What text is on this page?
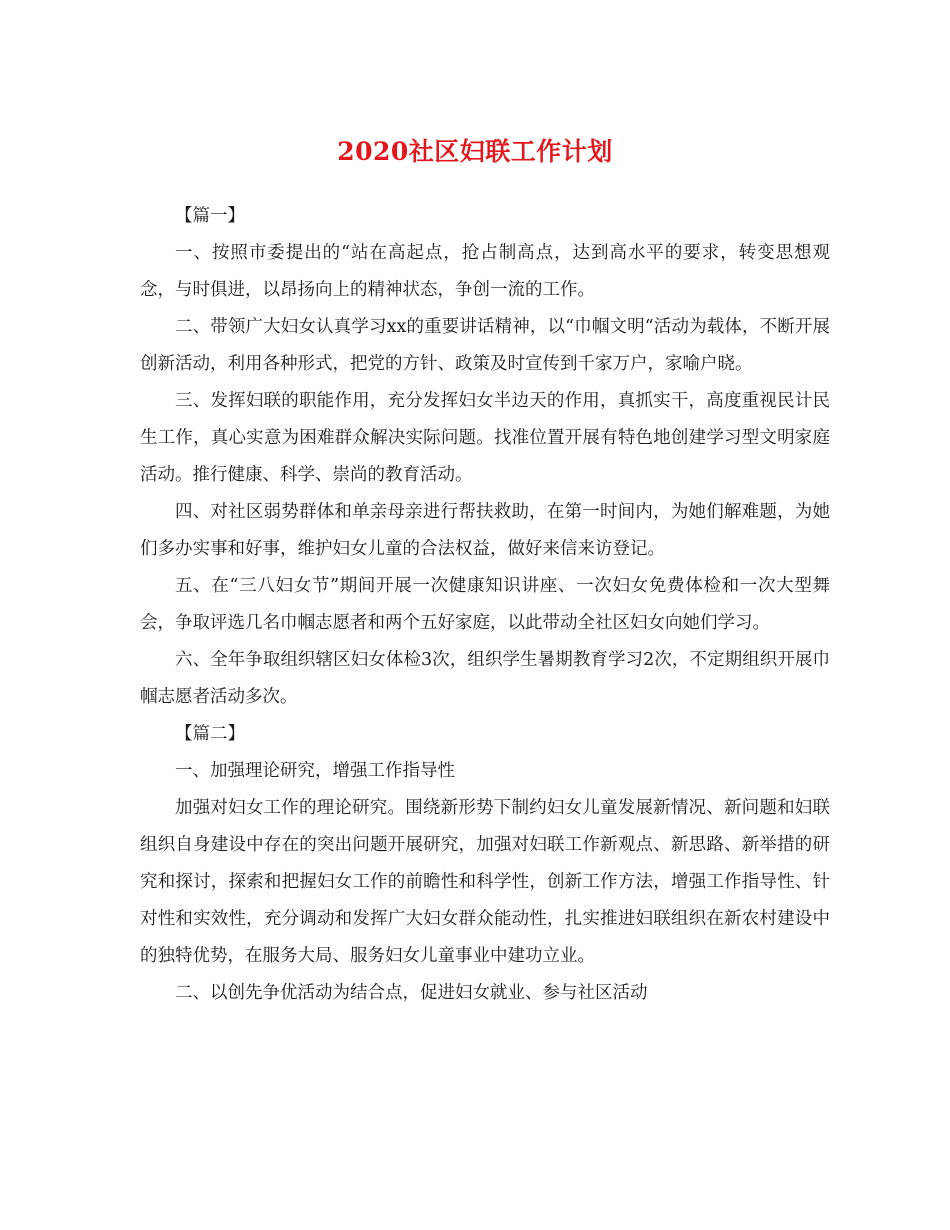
2020社区妇联工作计划

【篇一】

一、按照市委提出的“站在高起点，抢占制高点，达到高水平的要求，转变思想观念，与时俱进，以昂扬向上的精神状态，争创一流的工作。

二、带领广大妇女认真学习xx的重要讲话精神，以“巾帼文明“活动为载体，不断开展创新活动，利用各种形式，把党的方针、政策及时宣传到千家万户，家喻户晓。

三、发挥妇联的职能作用，充分发挥妇女半边天的作用，真抓实干，高度重视民计民生工作，真心实意为困难群众解决实际问题。找准位置开展有特色地创建学习型文明家庭活动。推行健康、科学、崇尚的教育活动。

四、对社区弱势群体和单亲母亲进行帮扶救助，在第一时间内，为她们解难题，为她们多办实事和好事，维护妇女儿童的合法权益，做好来信来访登记。

五、在“三八妇女节”期间开展一次健康知识讲座、一次妇女免费体检和一次大型舞会，争取评选几名巾帼志愿者和两个五好家庭，以此带动全社区妇女向她们学习。

六、全年争取组织辖区妇女体检3次，组织学生暑期教育学习2次，不定期组织开展巾帼志愿者活动多次。

【篇二】

一、加强理论研究，增强工作指导性

加强对妇女工作的理论研究。围绕新形势下制约妇女儿童发展新情况、新问题和妇联组织自身建设中存在的突出问题开展研究，加强对妇联工作新观点、新思路、新举措的研究和探讨，探索和把握妇女工作的前瞻性和科学性，创新工作方法，增强工作指导性、针对性和实效性，充分调动和发挥广大妇女群众能动性，扎实推进妇联组织在新农村建设中的独特优势，在服务大局、服务妇女儿童事业中建功立业。

二、以创先争优活动为结合点，促进妇女就业、参与社区活动
